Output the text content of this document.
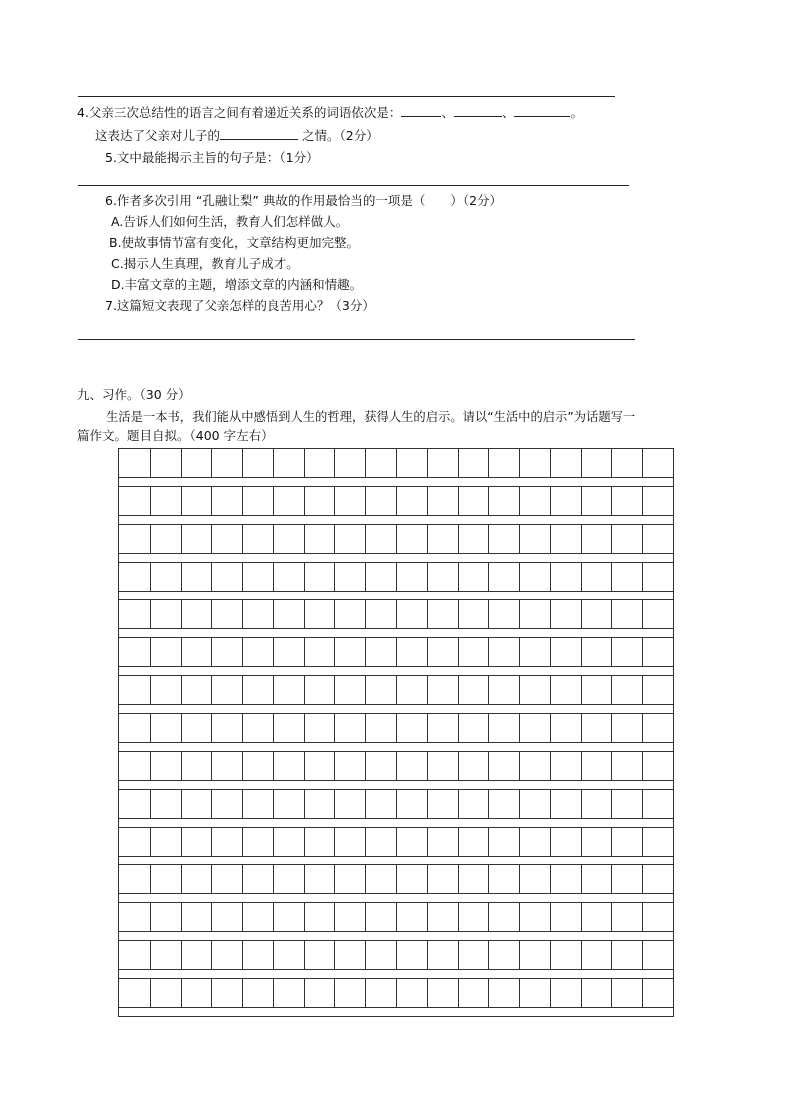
4.父亲三次总结性的语言之间有着递近关系的词语依次是：	、	、	。
这表达了父亲对儿子的	之情。（2分）
5.文中最能揭示主旨的句子是：（1分）
6.作者多次引用 “孔融让梨” 典故的作用最恰当的一项是（　　）（2分）
A.告诉人们如何生活，教育人们怎样做人。
B.使故事情节富有变化，文章结构更加完整。
C.揭示人生真理，教育儿子成才。
D.丰富文章的主题，增添文章的内涵和情趣。
7.这篇短文表现了父亲怎样的良苦用心？（3分）
九、习作。（30 分）
生活是一本书，我们能从中感悟到人生的哲理，获得人生的启示。请以“生活中的启示”为话题写一
篇作文。题目自拟。（400 字左右）
